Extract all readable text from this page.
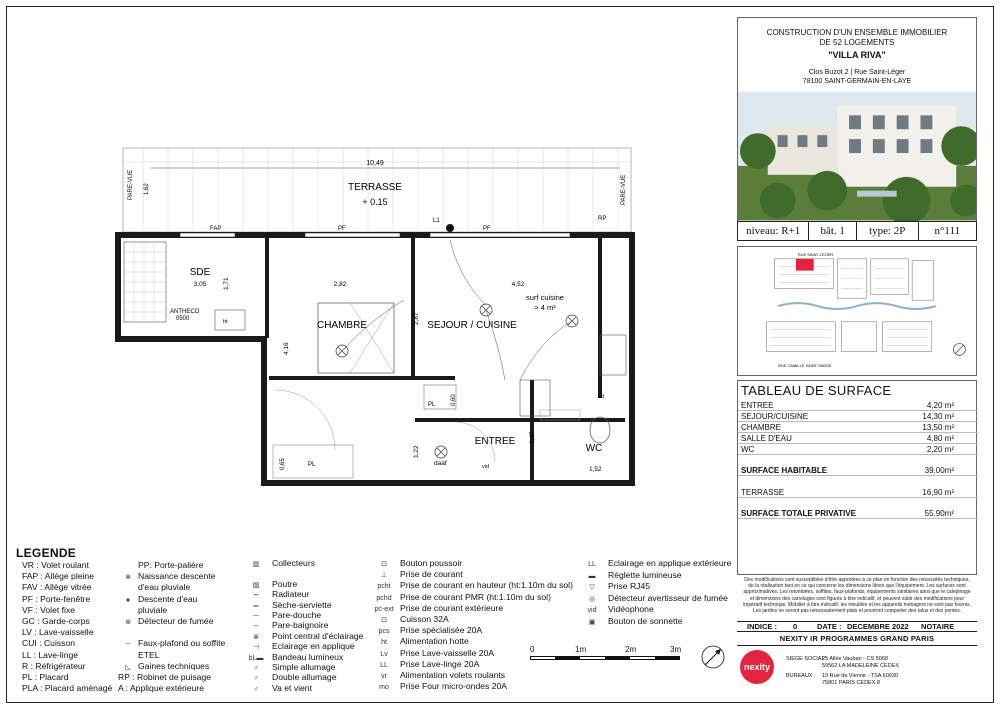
10,49
TERRASSE
+ 0.15
PARE-VUE 1,62	PARE-VUE
FAP	PF	PF
L1	RP
SDE
3,05	1,71
ANTHECO
0500	ht	CHAMBRE
2,82
4,16
PL
0,65
SEJOUR / CUISINE
4,52
2,87
surf cuisine
> 4 m²
PL	0,60	hd
ENTREE
1,22
daaf	vid
WC
1,52
1,45
LEGENDE
VR : Volet roulant
FAP : Allège pleine
FAV : Allège vitrée
PF : Porte-fenêtre
VF : Volet fixe
GC : Garde-corps
LV : Lave-vaisselle
CUI : Cuisson
LL : Lave-linge
R : Réfrigérateur
PL : Placard
PLA : Placard aménagé
PP: Porte-palière
⊗ Naissance descente
d'eau pluviale
● Descente d'eau
pluviale
⊛ Détecteur de fumée
┄ Faux-plafond ou soffite
ETEL
◺ Gaines techniques
RP : Robinet de puisage
A : Applique extérieure
▥ Collecteurs
▨ Poutre
┉ Radiateur
═ Sèche-serviette
─ Pare-douche
─ Pare-baignoire
⊗ Point central d'éclairage
⊣ Eclairage en applique
bL▬ Bandeau lumineux
♂ Simple allumage
♂ Double allumage
♂ Va et vient
⊡ Bouton poussoir
⊥ Prise de courant
pcht Prise de courant en hauteur (ht:1.10m du sol)
pchd Prise de courant PMR (ht:1.10m du sol)
pc-ext Prise de courant extérieure
⊡ Cuisson 32A
pcs Prise spécialisée 20A
ht Alimentation hotte
Lv Prise Lave-vaisselle 20A
LL Prise Lave-linge 20A
vr Alimentation volets roulants
mo Prise Four micro-ondes 20A
LL Eclairage en applique extérieure
▬ Réglette lumineuse
▽ Prise RJ45
◎ Détecteur avertisseur de fumée
vid Vidéophone
▣ Bouton de sonnette
0	1m	2m	3m
CONSTRUCTION D'UN ENSEMBLE IMMOBILIER
DE 52 LOGEMENTS
"VILLA RIVA"
Clos Buzot 2 | Rue Saint-Léger
78100 SAINT-GERMAIN-EN-LAYE
niveau: R+1	bât. 1	type: 2P	n°111
RUE SAINT-LEGER
RUE CAMILLE SAINT-SAENS
TABLEAU DE SURFACE
ENTREE	4,20 m²
SEJOUR/CUISINE	14,30 m²
CHAMBRE	13,50 m²
SALLE D'EAU	4,80 m²
WC	2,20 m²
SURFACE HABITABLE	39.00m²
TERRASSE	16,90 m²
SURFACE TOTALE PRIVATIVE	55.90m²
Des modifications sont susceptibles d'être apportées à ce plan en fonction des nécessités techniques, de la réalisation tant en ce qui concerne les dimensions libres que l'équipement. Les surfaces sont approximatives. Les retombées, soffites, faux-plafonds, équipements sanitaires ainsi que le calepinage et dimensions des carrelages sont figurés à titre indicatif, et peuvent subir des modifications pour impératif technique. Mobilier à titre indicatif, les meubles et les appareils ménagers ne sont pas fournis. Les jardins ne seront pas nécessairement plats et pourront comporter des talus et des pentes.
INDICE : 0	DATE : DECEMBRE 2022 NOTAIRE
NEXITY IR PROGRAMMES GRAND PARIS
nexity
SIEGE SOCIAL :
25 Allée Vauban - CS 5068
59562 LA MADELEINE CEDEX
BUREAUX : 19 Rue de Vienne - TSA 60030
75801 PARIS CEDEX 8
